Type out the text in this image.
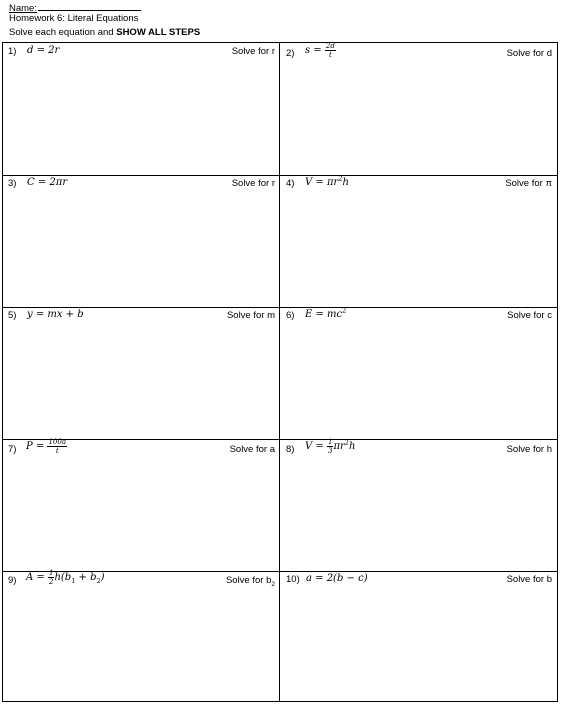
Name:
Homework 6: Literal Equations
Solve each equation and SHOW ALL STEPS
1) d = 2r	Solve for r 2) $s = \frac{2d}{t}$	Solve for d
3) C = 2πr	Solve for r 4) $V = \pi r^2h$	Solve for π
5) y = mx + b	Solve for m 6) $E = mc^2$	Solve for c
7) $P = \frac{100a}{t}$	Solve for a 8) $V = \frac{1}{3} \pi r^2h$	Solve for h
9) $A = \frac{1}{2} h(b_1 + b_2)$	Solve for $b_2$ 10) a = 2(b − c)	Solve for b
